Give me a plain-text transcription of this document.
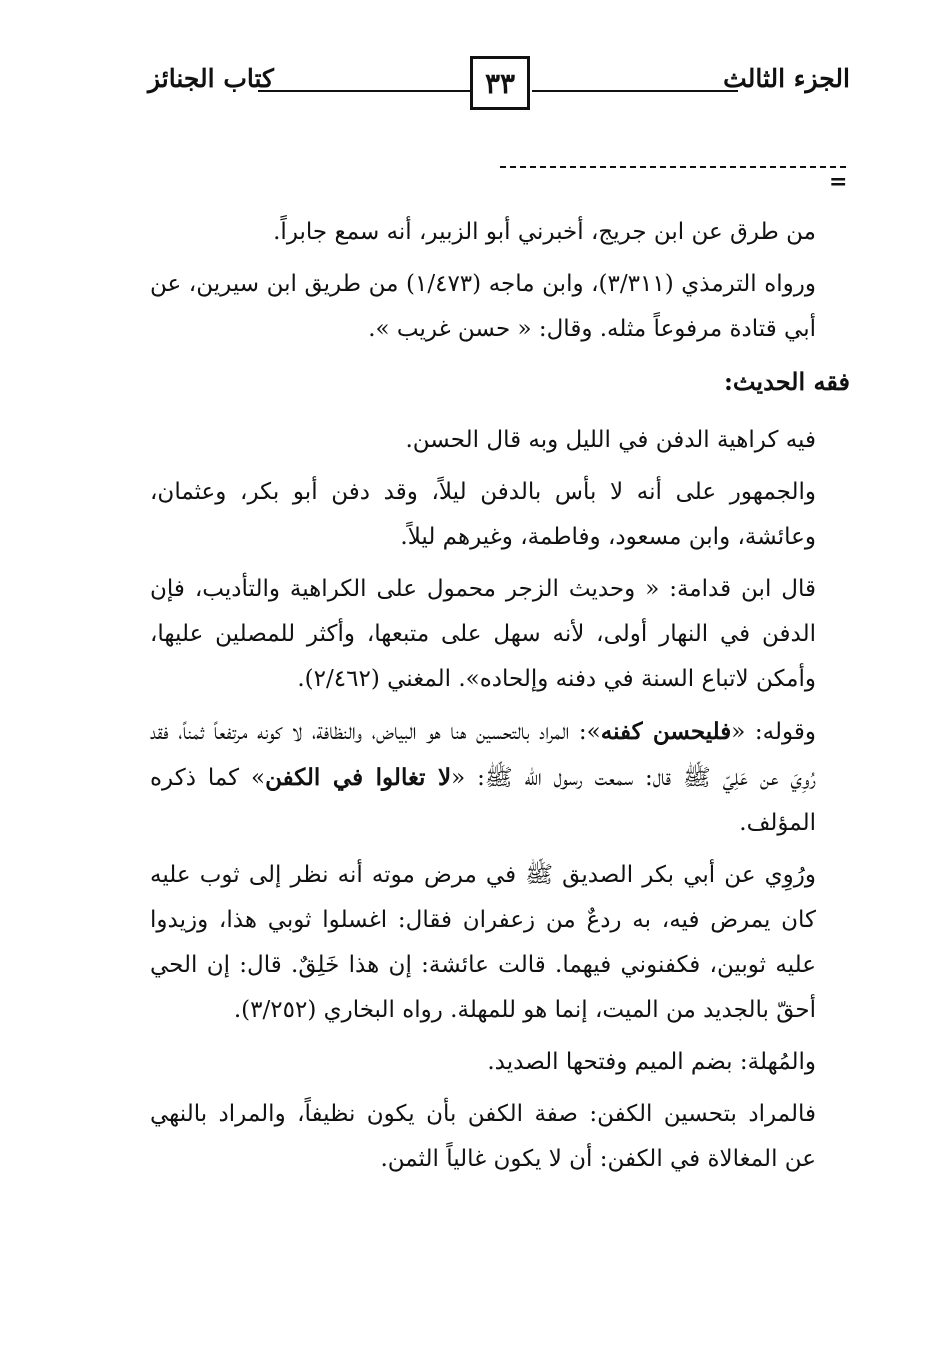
الجزء الثالث
٣٣
كتاب الجنائز
=

من طرق عن ابن جريج، أخبرني أبو الزبير، أنه سمع جابراً.

ورواه الترمذي (٣/٣١١)، وابن ماجه (١/٤٧٣) من طريق ابن سيرين، عن أبي قتادة مرفوعاً مثله. وقال: « حسن غريب ».

فقه الحديث:

فيه كراهية الدفن في الليل وبه قال الحسن.

والجمهور على أنه لا بأس بالدفن ليلاً، وقد دفن أبو بكر، وعثمان، وعائشة، وابن مسعود، وفاطمة، وغيرهم ليلاً.

قال ابن قدامة: « وحديث الزجر محمول على الكراهية والتأديب، فإن الدفن في النهار أولى، لأنه سهل على متبعها، وأكثر للمصلين عليها، وأمكن لاتباع السنة في دفنه وإلحاده». المغني (٢/٤٦٢).

وقوله: «فليحسن كفنه»: المراد بالتحسين هنا هو البياض، والنظافة، لا كونه مرتفعاً ثمناً، فقد رُوِيَ عن عَلِيّ ﷺ قال: سمعت رسول الله ﷺ: «لا تغالوا في الكفن» كما ذكره المؤلف.

ورُوِي عن أبي بكر الصديق ﷺ في مرض موته أنه نظر إلى ثوب عليه كان يمرض فيه، به ردعٌ من زعفران فقال: اغسلوا ثوبي هذا، وزيدوا عليه ثوبين، فكفنوني فيهما. قالت عائشة: إن هذا خَلِقٌ. قال: إن الحي أحقّ بالجديد من الميت، إنما هو للمهلة. رواه البخاري (٣/٢٥٢).

والمُهلة: بضم الميم وفتحها الصديد.

فالمراد بتحسين الكفن: صفة الكفن بأن يكون نظيفاً، والمراد بالنهي عن المغالاة في الكفن: أن لا يكون غالياً الثمن.
